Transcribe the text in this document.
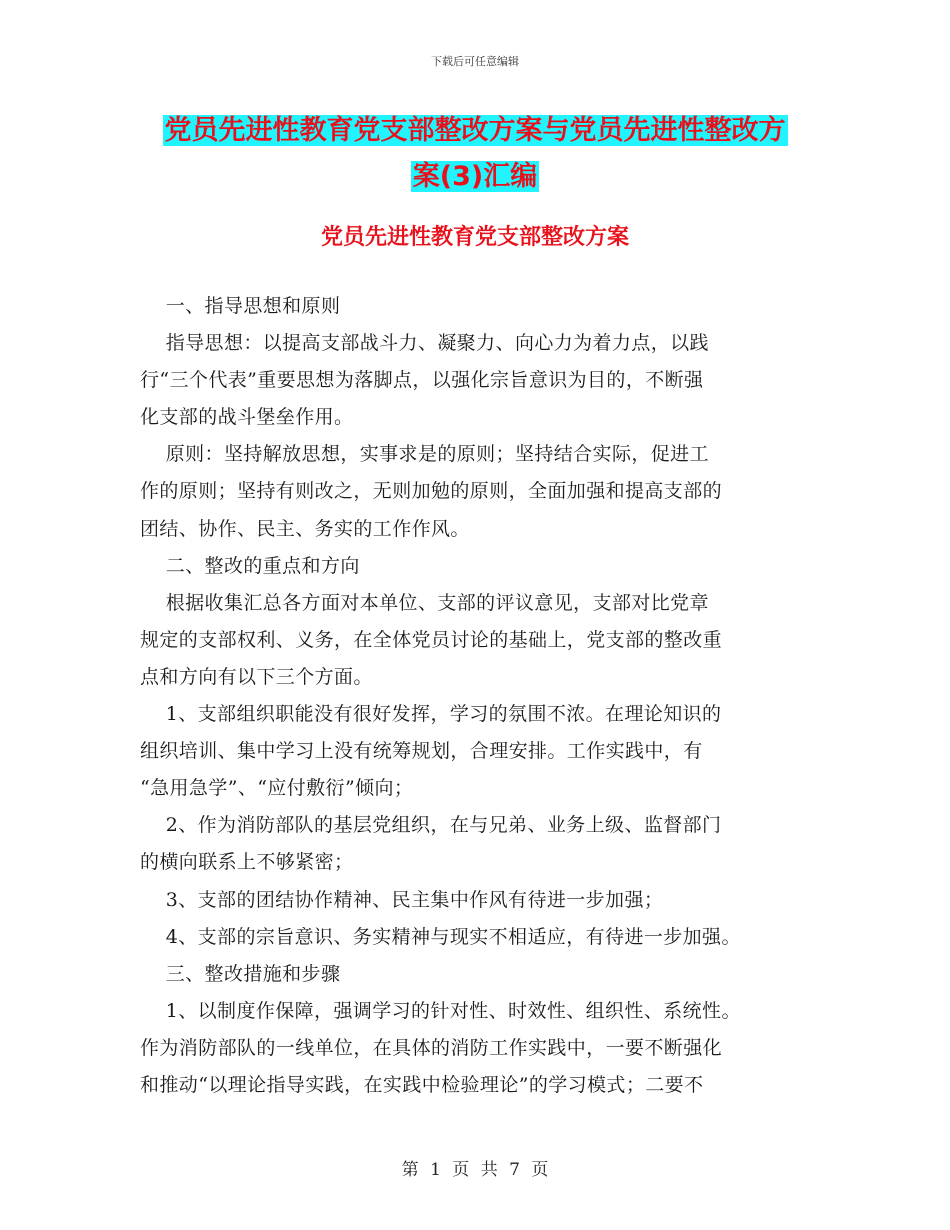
下载后可任意编辑
党员先进性教育党支部整改方案与党员先进性整改方
案(3)汇编
党员先进性教育党支部整改方案
一、指导思想和原则
指导思想：以提高支部战斗力、凝聚力、向心力为着力点，以践
行“三个代表”重要思想为落脚点，以强化宗旨意识为目的，不断强
化支部的战斗堡垒作用。
原则：坚持解放思想，实事求是的原则；坚持结合实际，促进工
作的原则；坚持有则改之，无则加勉的原则，全面加强和提高支部的
团结、协作、民主、务实的工作作风。
二、整改的重点和方向
根据收集汇总各方面对本单位、支部的评议意见，支部对比党章
规定的支部权利、义务，在全体党员讨论的基础上，党支部的整改重
点和方向有以下三个方面。
1、支部组织职能没有很好发挥，学习的氛围不浓。在理论知识的
组织培训、集中学习上没有统筹规划，合理安排。工作实践中，有
“急用急学”、“应付敷衍”倾向；
2、作为消防部队的基层党组织，在与兄弟、业务上级、监督部门
的横向联系上不够紧密；
3、支部的团结协作精神、民主集中作风有待进一步加强；
4、支部的宗旨意识、务实精神与现实不相适应，有待进一步加强。
三、整改措施和步骤
1、以制度作保障，强调学习的针对性、时效性、组织性、系统性。
作为消防部队的一线单位，在具体的消防工作实践中，一要不断强化
和推动“以理论指导实践，在实践中检验理论”的学习模式；二要不
第 1 页 共 7 页
